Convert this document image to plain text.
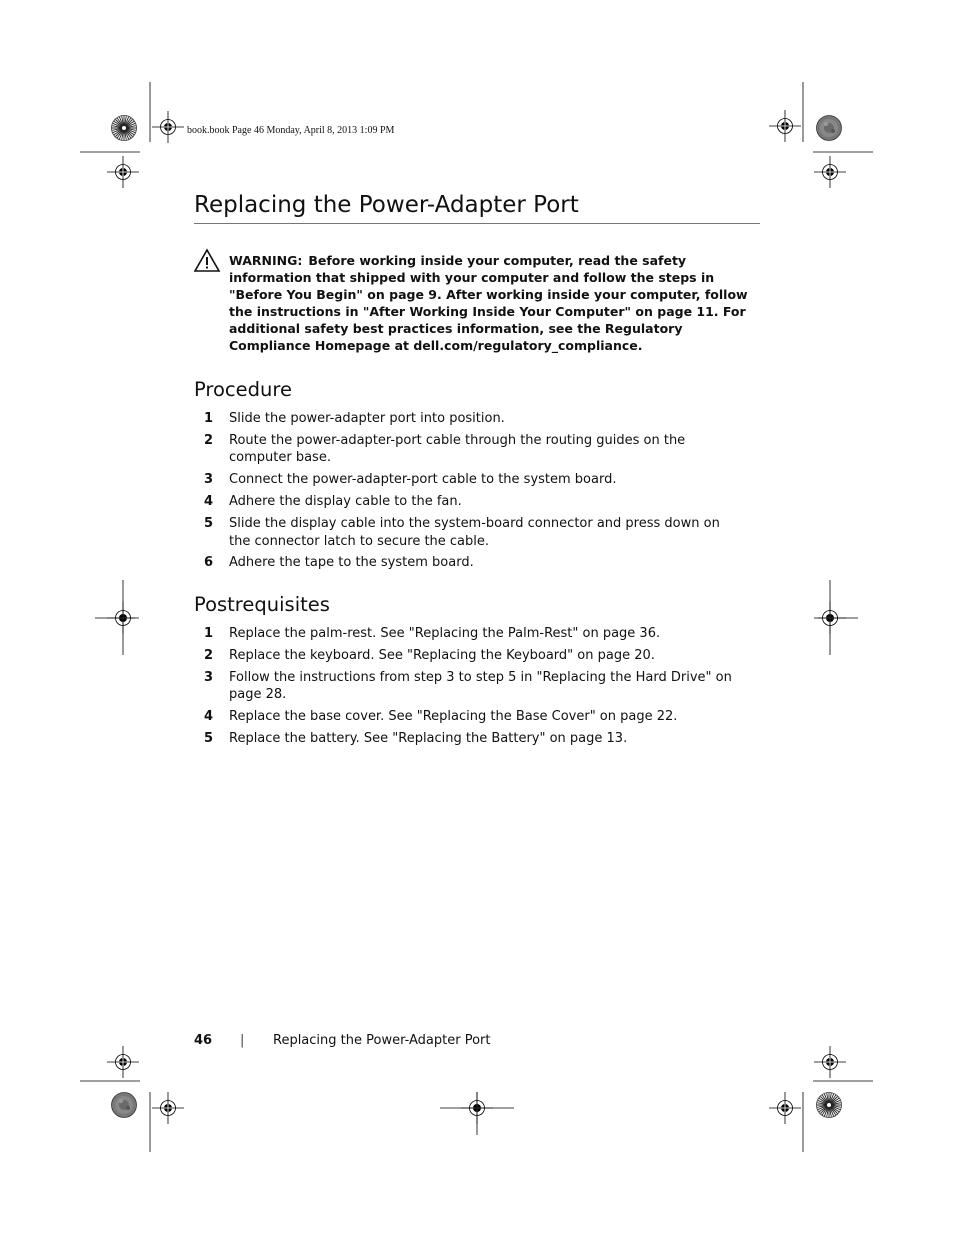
book.book Page 46 Monday, April 8, 2013 1:09 PM
Replacing the Power-Adapter Port

WARNING: Before working inside your computer, read the safety information that shipped with your computer and follow the steps in "Before You Begin" on page 9. After working inside your computer, follow the instructions in "After Working Inside Your Computer" on page 11. For additional safety best practices information, see the Regulatory Compliance Homepage at dell.com/regulatory_compliance.

Procedure
1 Slide the power-adapter port into position.
2 Route the power-adapter-port cable through the routing guides on the computer base.
3 Connect the power-adapter-port cable to the system board.
4 Adhere the display cable to the fan.
5 Slide the display cable into the system-board connector and press down on the connector latch to secure the cable.
6 Adhere the tape to the system board.
Postrequisites
1 Replace the palm-rest. See "Replacing the Palm-Rest" on page 36.
2 Replace the keyboard. See "Replacing the Keyboard" on page 20.
3 Follow the instructions from step 3 to step 5 in "Replacing the Hard Drive" on page 28.
4 Replace the base cover. See "Replacing the Base Cover" on page 22.
5 Replace the battery. See "Replacing the Battery" on page 13.
46 | Replacing the Power-Adapter Port
